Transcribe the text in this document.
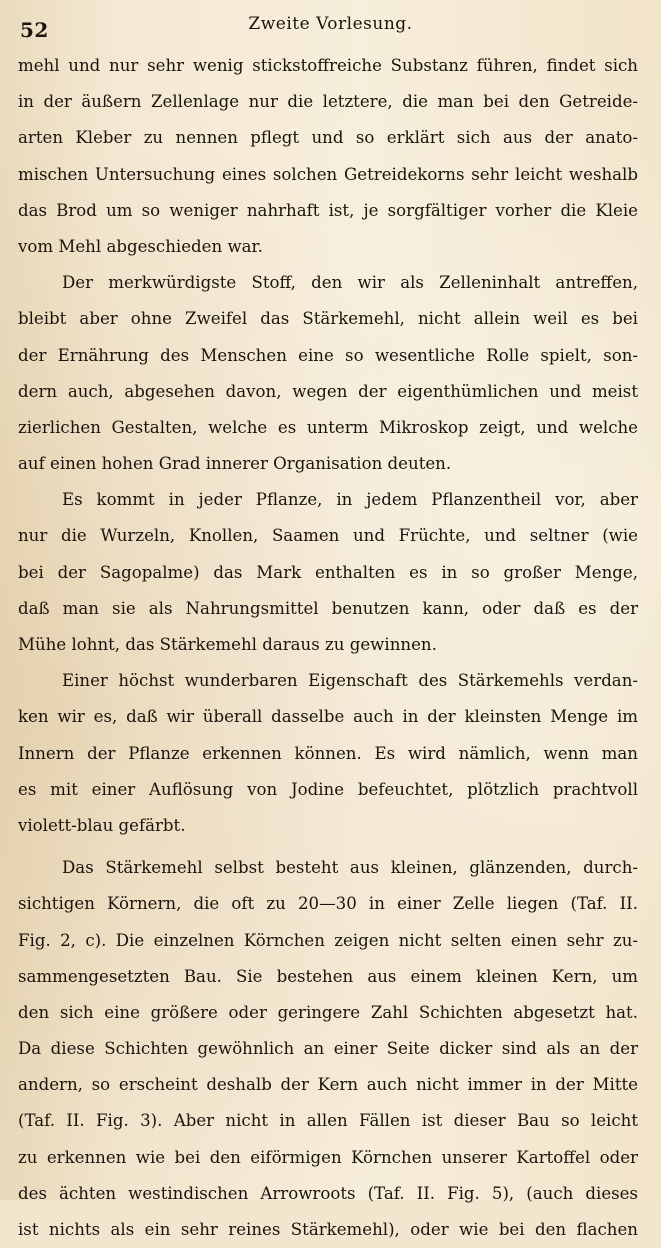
52	Zweite Vorlesung.
mehl und nur sehr wenig stickstoffreiche Substanz führen, findet sich
in der äußern Zellenlage nur die letztere, die man bei den Getreide-
arten Kleber zu nennen pflegt und so erklärt sich aus der anato-
mischen Untersuchung eines solchen Getreidekorns sehr leicht weshalb
das Brod um so weniger nahrhaft ist, je sorgfältiger vorher die Kleie
vom Mehl abgeschieden war.
Der merkwürdigste Stoff, den wir als Zelleninhalt antreffen,
bleibt aber ohne Zweifel das Stärkemehl, nicht allein weil es bei
der Ernährung des Menschen eine so wesentliche Rolle spielt, son-
dern auch, abgesehen davon, wegen der eigenthümlichen und meist
zierlichen Gestalten, welche es unterm Mikroskop zeigt, und welche
auf einen hohen Grad innerer Organisation deuten.
Es kommt in jeder Pflanze, in jedem Pflanzentheil vor, aber
nur die Wurzeln, Knollen, Saamen und Früchte, und seltner (wie
bei der Sagopalme) das Mark enthalten es in so großer Menge,
daß man sie als Nahrungsmittel benutzen kann, oder daß es der
Mühe lohnt, das Stärkemehl daraus zu gewinnen.
Einer höchst wunderbaren Eigenschaft des Stärkemehls verdan-
ken wir es, daß wir überall dasselbe auch in der kleinsten Menge im
Innern der Pflanze erkennen können. Es wird nämlich, wenn man
es mit einer Auflösung von Jodine befeuchtet, plötzlich prachtvoll
violett-blau gefärbt.
Das Stärkemehl selbst besteht aus kleinen, glänzenden, durch-
sichtigen Körnern, die oft zu 20—30 in einer Zelle liegen (Taf. II.
Fig. 2, c). Die einzelnen Körnchen zeigen nicht selten einen sehr zu-
sammengesetzten Bau. Sie bestehen aus einem kleinen Kern, um
den sich eine größere oder geringere Zahl Schichten abgesetzt hat.
Da diese Schichten gewöhnlich an einer Seite dicker sind als an der
andern, so erscheint deshalb der Kern auch nicht immer in der Mitte
(Taf. II. Fig. 3). Aber nicht in allen Fällen ist dieser Bau so leicht
zu erkennen wie bei den eiförmigen Körnchen unserer Kartoffel oder
des ächten westindischen Arrowroots (Taf. II. Fig. 5), (auch dieses
ist nichts als ein sehr reines Stärkemehl), oder wie bei den flachen
